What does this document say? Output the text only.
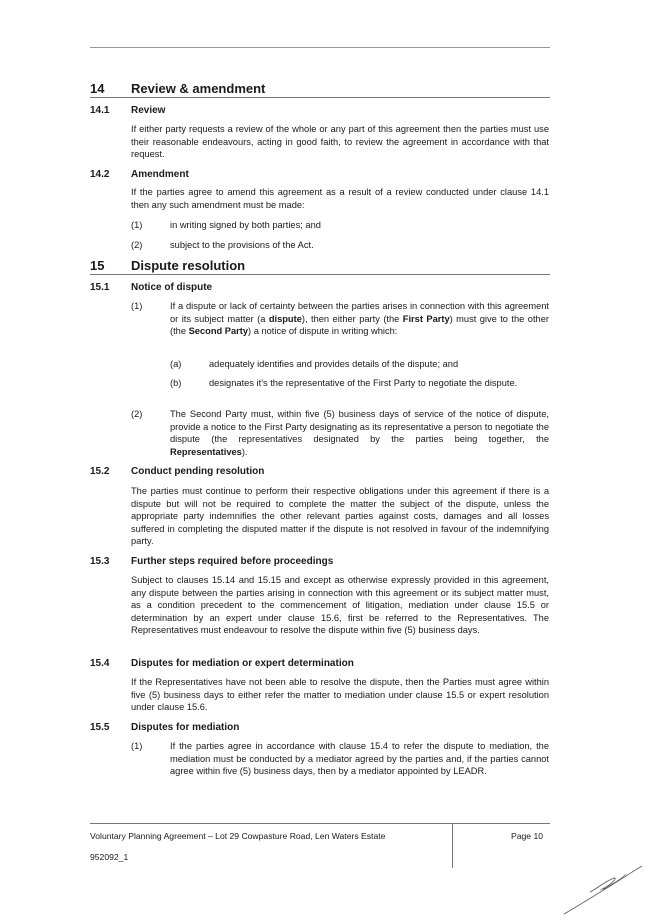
14 Review & amendment
14.1 Review
If either party requests a review of the whole or any part of this agreement then the parties must use their reasonable endeavours, acting in good faith, to review the agreement in accordance with that request.
14.2 Amendment
If the parties agree to amend this agreement as a result of a review conducted under clause 14.1 then any such amendment must be made:
(1)	in writing signed by both parties; and
(2)	subject to the provisions of the Act.
15 Dispute resolution
15.1 Notice of dispute
(1)	If a dispute or lack of certainty between the parties arises in connection with this agreement or its subject matter (a dispute), then either party (the First Party) must give to the other (the Second Party) a notice of dispute in writing which:
(a)	adequately identifies and provides details of the dispute; and
(b)	designates it's the representative of the First Party to negotiate the dispute.
(2)	The Second Party must, within five (5) business days of service of the notice of dispute, provide a notice to the First Party designating as its representative a person to negotiate the dispute (the representatives designated by the parties being together, the Representatives).
15.2 Conduct pending resolution
The parties must continue to perform their respective obligations under this agreement if there is a dispute but will not be required to complete the matter the subject of the dispute, unless the appropriate party indemnifies the other relevant parties against costs, damages and all losses suffered in completing the disputed matter if the dispute is not resolved in favour of the indemnifying party.
15.3 Further steps required before proceedings
Subject to clauses 15.14 and 15.15 and except as otherwise expressly provided in this agreement, any dispute between the parties arising in connection with this agreement or its subject matter must, as a condition precedent to the commencement of litigation, mediation under clause 15.5 or determination by an expert under clause 15.6, first be referred to the Representatives. The Representatives must endeavour to resolve the dispute within five (5) business days.
15.4 Disputes for mediation or expert determination
If the Representatives have not been able to resolve the dispute, then the Parties must agree within five (5) business days to either refer the matter to mediation under clause 15.5 or expert resolution under clause 15.6.
15.5 Disputes for mediation
(1)	If the parties agree in accordance with clause 15.4 to refer the dispute to mediation, the mediation must be conducted by a mediator agreed by the parties and, if the parties cannot agree within five (5) business days, then by a mediator appointed by LEADR.
Voluntary Planning Agreement – Lot 29 Cowpasture Road, Len Waters Estate
952092_1
Page 10
